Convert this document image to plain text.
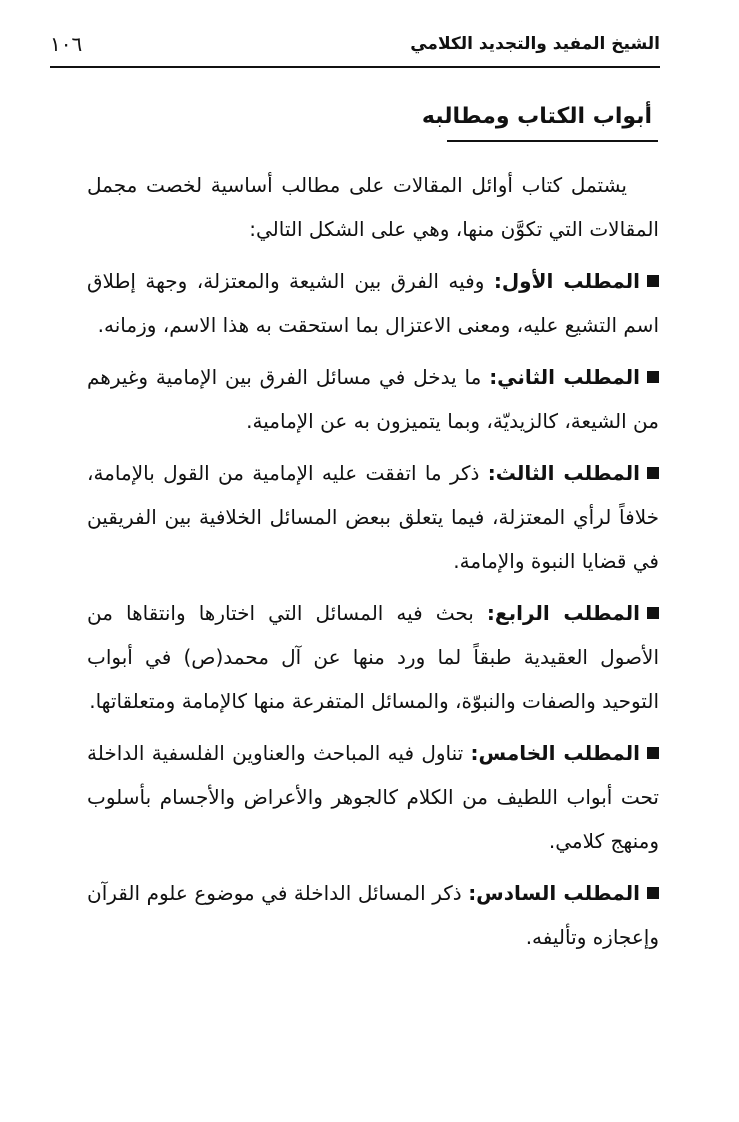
الشيخ المفيد والتجديد الكلامي
١٠٦
أبواب الكتاب ومطالبه

يشتمل كتاب أوائل المقالات على مطالب أساسية لخصت مجمل المقالات التي تكوَّن منها، وهي على الشكل التالي:

المطلب الأول: وفيه الفرق بين الشيعة والمعتزلة، وجهة إطلاق اسم التشيع عليه، ومعنى الاعتزال بما استحقت به هذا الاسم، وزمانه.

المطلب الثاني: ما يدخل في مسائل الفرق بين الإمامية وغيرهم من الشيعة، كالزيديّة، وبما يتميزون به عن الإمامية.

المطلب الثالث: ذكر ما اتفقت عليه الإمامية من القول بالإمامة، خلافاً لرأي المعتزلة، فيما يتعلق ببعض المسائل الخلافية بين الفريقين في قضايا النبوة والإمامة.

المطلب الرابع: بحث فيه المسائل التي اختارها وانتقاها من الأصول العقيدية طبقاً لما ورد منها عن آل محمد(ص) في أبواب التوحيد والصفات والنبوّة، والمسائل المتفرعة منها كالإمامة ومتعلقاتها.

المطلب الخامس: تناول فيه المباحث والعناوين الفلسفية الداخلة تحت أبواب اللطيف من الكلام كالجوهر والأعراض والأجسام بأسلوب ومنهج كلامي.

المطلب السادس: ذكر المسائل الداخلة في موضوع علوم القرآن وإعجازه وتأليفه.
